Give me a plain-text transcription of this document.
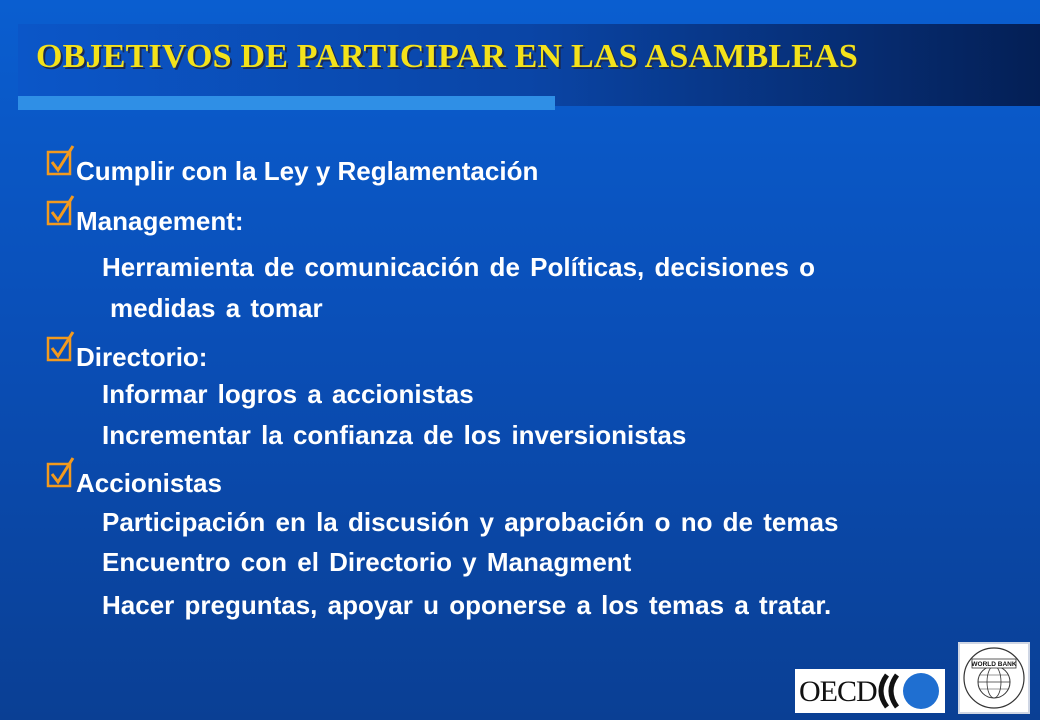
OBJETIVOS DE PARTICIPAR EN LAS ASAMBLEAS
Cumplir con la Ley y Reglamentación
Management:
Herramienta de comunicación de Políticas, decisiones o
medidas a tomar
Directorio:
Informar logros a accionistas
Incrementar la confianza de los inversionistas
Accionistas
Participación en la discusión y aprobación o no de temas
Encuentro con el Directorio y Managment
Hacer preguntas, apoyar u oponerse a los temas a tratar.
OECD
WORLD BANK
